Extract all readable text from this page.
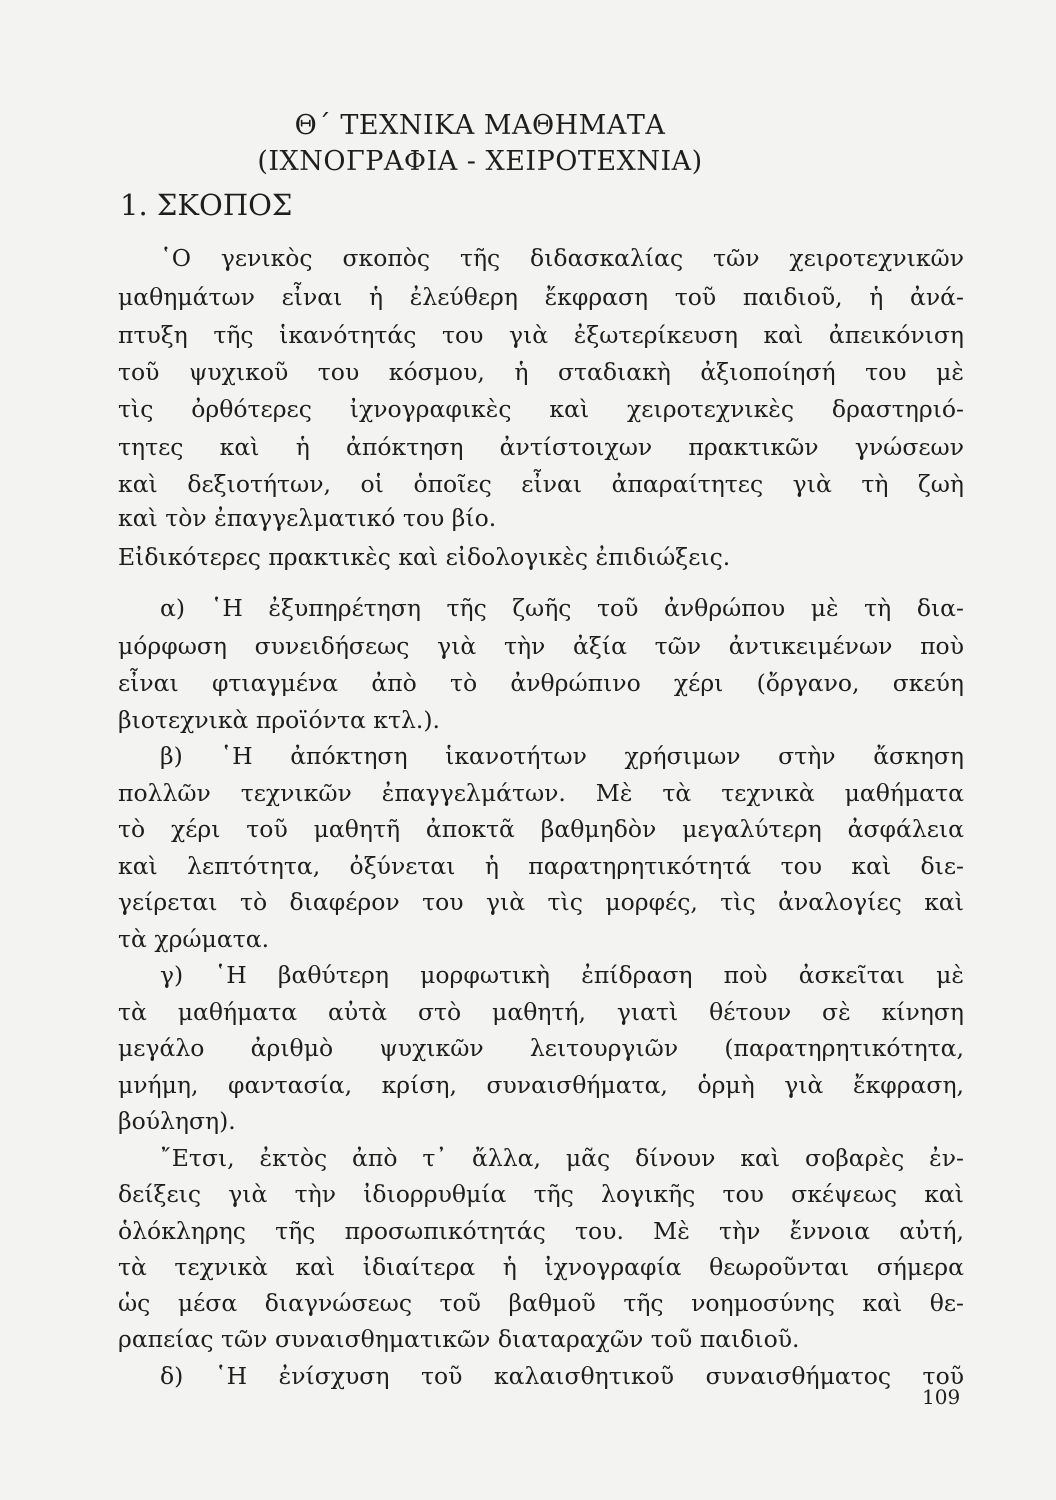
Θ΄ ΤΕΧΝΙΚΑ ΜΑΘΗΜΑΤΑ
(ΙΧΝΟΓΡΑΦΙΑ - ΧΕΙΡΟΤΕΧΝΙΑ)
1. ΣΚΟΠΟΣ
῾Ο γενικὸς σκοπὸς τῆς διδασκαλίας τῶν χειροτεχνικῶν
μαθημάτων εἶναι ἡ ἐλεύθερη ἔκφραση τοῦ παιδιοῦ, ἡ ἀνά-
πτυξη τῆς ἱκανότητάς του γιὰ ἐξωτερίκευση καὶ ἀπεικόνιση
τοῦ ψυχικοῦ του κόσμου, ἡ σταδιακὴ ἀξιοποίησή του μὲ
τὶς ὀρθότερες ἰχνογραφικὲς καὶ χειροτεχνικὲς δραστηριό-
τητες καὶ ἡ ἀπόκτηση ἀντίστοιχων πρακτικῶν γνώσεων
καὶ δεξιοτήτων, οἱ ὁποῖες εἶναι ἀπαραίτητες γιὰ τὴ ζωὴ
καὶ τὸν ἐπαγγελματικό του βίο.
Εἰδικότερες πρακτικὲς καὶ εἰδολογικὲς ἐπιδιώξεις.
α) ῾Η ἐξυπηρέτηση τῆς ζωῆς τοῦ ἀνθρώπου μὲ τὴ δια-
μόρφωση συνειδήσεως γιὰ τὴν ἀξία τῶν ἀντικειμένων ποὺ
εἶναι φτιαγμένα ἀπὸ τὸ ἀνθρώπινο χέρι (ὄργανο, σκεύη
βιοτεχνικὰ προϊόντα κτλ.).
β) ῾Η ἀπόκτηση ἱκανοτήτων χρήσιμων στὴν ἄσκηση
πολλῶν τεχνικῶν ἐπαγγελμάτων. Μὲ τὰ τεχνικὰ μαθήματα
τὸ χέρι τοῦ μαθητῆ ἀποκτᾶ βαθμηδὸν μεγαλύτερη ἀσφάλεια
καὶ λεπτότητα, ὀξύνεται ἡ παρατηρητικότητά του καὶ διε-
γείρεται τὸ διαφέρον του γιὰ τὶς μορφές, τὶς ἀναλογίες καὶ
τὰ χρώματα.
γ) ῾Η βαθύτερη μορφωτικὴ ἐπίδραση ποὺ ἀσκεῖται μὲ
τὰ μαθήματα αὐτὰ στὸ μαθητή, γιατὶ θέτουν σὲ κίνηση
μεγάλο ἀριθμὸ ψυχικῶν λειτουργιῶν (παρατηρητικότητα,
μνήμη, φαντασία, κρίση, συναισθήματα, ὁρμὴ γιὰ ἔκφραση,
βούληση).
῎Ετσι, ἐκτὸς ἀπὸ τ᾿ ἄλλα, μᾶς δίνουν καὶ σοβαρὲς ἐν-
δείξεις γιὰ τὴν ἰδιορρυθμία τῆς λογικῆς του σκέψεως καὶ
ὁλόκληρης τῆς προσωπικότητάς του. Μὲ τὴν ἔννοια αὐτή,
τὰ τεχνικὰ καὶ ἰδιαίτερα ἡ ἰχνογραφία θεωροῦνται σήμερα
ὡς μέσα διαγνώσεως τοῦ βαθμοῦ τῆς νοημοσύνης καὶ θε-
ραπείας τῶν συναισθηματικῶν διαταραχῶν τοῦ παιδιοῦ.
δ) ῾Η ἐνίσχυση τοῦ καλαισθητικοῦ συναισθήματος τοῦ
109
